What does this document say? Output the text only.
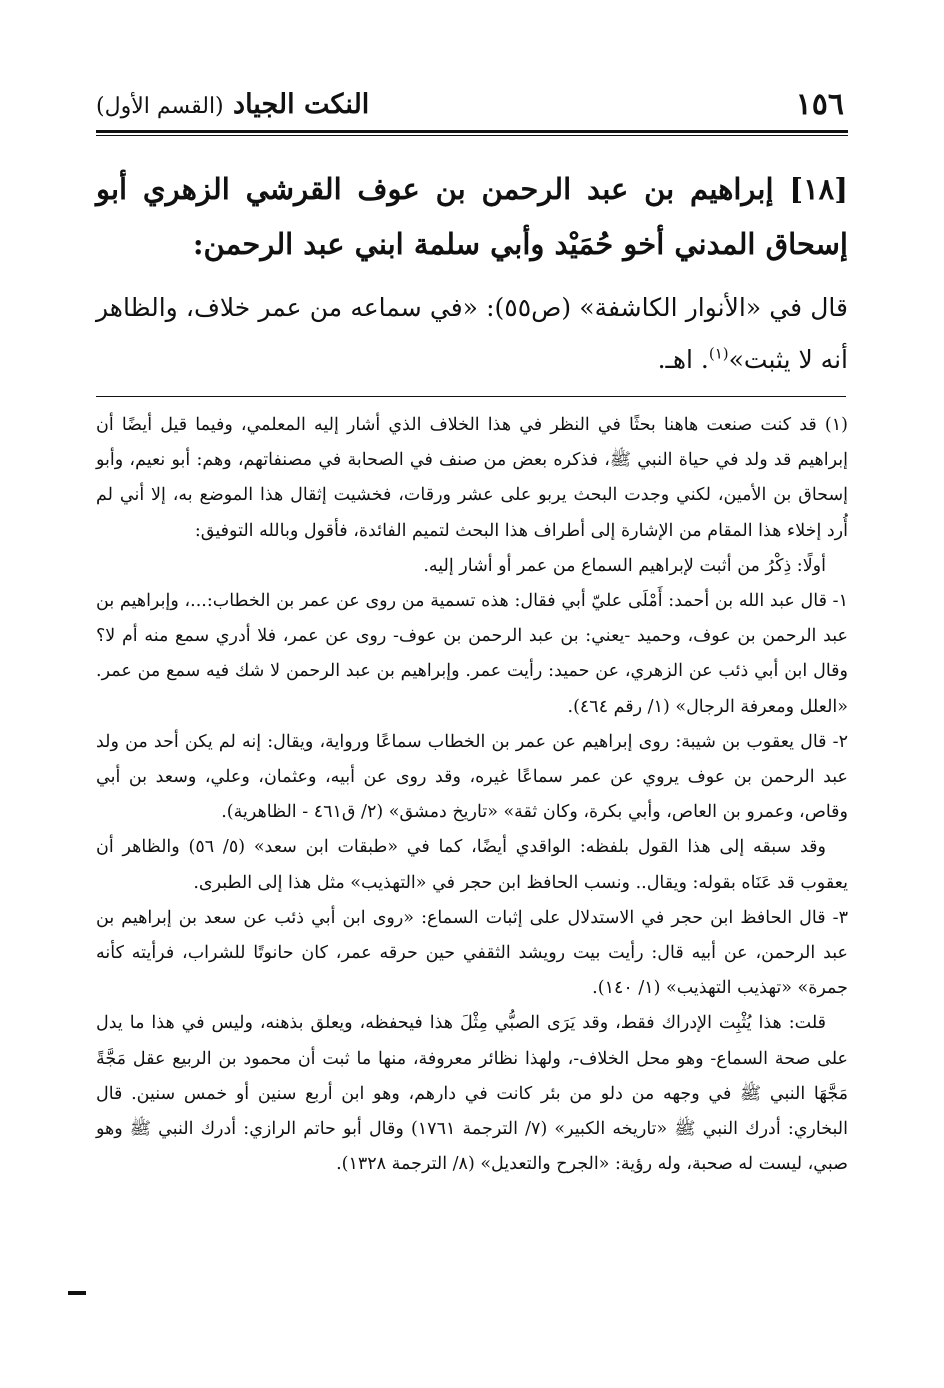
١٥٦
النكت الجياد (القسم الأول)

[١٨] إبراهيم بن عبد الرحمن بن عوف القرشي الزهري أبو إسحاق المدني أخو حُمَيْد وأبي سلمة ابني عبد الرحمن:

قال في «الأنوار الكاشفة» (ص٥٥): «في سماعه من عمر خلاف، والظاهر أنه لا يثبت»$^{(١)}$. اهـ.

(١) قد كنت صنعت هاهنا بحثًا في النظر في هذا الخلاف الذي أشار إليه المعلمي، وفيما قيل أيضًا أن إبراهيم قد ولد في حياة النبي ﷺ، فذكره بعض من صنف في الصحابة في مصنفاتهم، وهم: أبو نعيم، وأبو إسحاق بن الأمين، لكني وجدت البحث يربو على عشر ورقات، فخشيت إثقال هذا الموضع به، إلا أني لم أُرد إخلاء هذا المقام من الإشارة إلى أطراف هذا البحث لتميم الفائدة، فأقول وبالله التوفيق:

أولًا: ذِكْرُ من أثبت لإبراهيم السماع من عمر أو أشار إليه.

١- قال عبد الله بن أحمد: أَمْلَى عليّ أبي فقال: هذه تسمية من روى عن عمر بن الخطاب:...، وإبراهيم بن عبد الرحمن بن عوف، وحميد -يعني: بن عبد الرحمن بن عوف- روى عن عمر، فلا أدري سمع منه أم لا؟ وقال ابن أبي ذئب عن الزهري، عن حميد: رأيت عمر. وإبراهيم بن عبد الرحمن لا شك فيه سمع من عمر. «العلل ومعرفة الرجال» (١/ رقم ٤٦٤).

٢- قال يعقوب بن شيبة: روى إبراهيم عن عمر بن الخطاب سماعًا ورواية، ويقال: إنه لم يكن أحد من ولد عبد الرحمن بن عوف يروي عن عمر سماعًا غيره، وقد روى عن أبيه، وعثمان، وعلي، وسعد بن أبي وقاص، وعمرو بن العاص، وأبي بكرة، وكان ثقة» «تاريخ دمشق» (٢/ ق٤٦١ - الظاهرية).

وقد سبقه إلى هذا القول بلفظه: الواقدي أيضًا، كما في «طبقات ابن سعد» (٥/ ٥٦) والظاهر أن يعقوب قد عَنَاه بقوله: ويقال.. ونسب الحافظ ابن حجر في «التهذيب» مثل هذا إلى الطبرى.

٣- قال الحافظ ابن حجر في الاستدلال على إثبات السماع: «روى ابن أبي ذئب عن سعد بن إبراهيم بن عبد الرحمن، عن أبيه قال: رأيت بيت رويشد الثقفي حين حرقه عمر، كان حانوتًا للشراب، فرأيته كأنه جمرة» «تهذيب التهذيب» (١/ ١٤٠).

قلت: هذا يُثْبِت الإدراك فقط، وقد يَرَى الصبُّي مِثْلَ هذا فيحفظه، ويعلق بذهنه، وليس في هذا ما يدل على صحة السماع- وهو محل الخلاف-، ولهذا نظائر معروفة، منها ما ثبت أن محمود بن الربيع عقل مَجَّةً مَجَّهَا النبي ﷺ في وجهه من دلو من بئر كانت في دارهم، وهو ابن أربع سنين أو خمس سنين. قال البخاري: أدرك النبي ﷺ «تاريخه الكبير» (٧/ الترجمة ١٧٦١) وقال أبو حاتم الرازي: أدرك النبي ﷺ وهو صبي، ليست له صحبة، وله رؤية: «الجرح والتعديل» (٨/ الترجمة ١٣٢٨).
